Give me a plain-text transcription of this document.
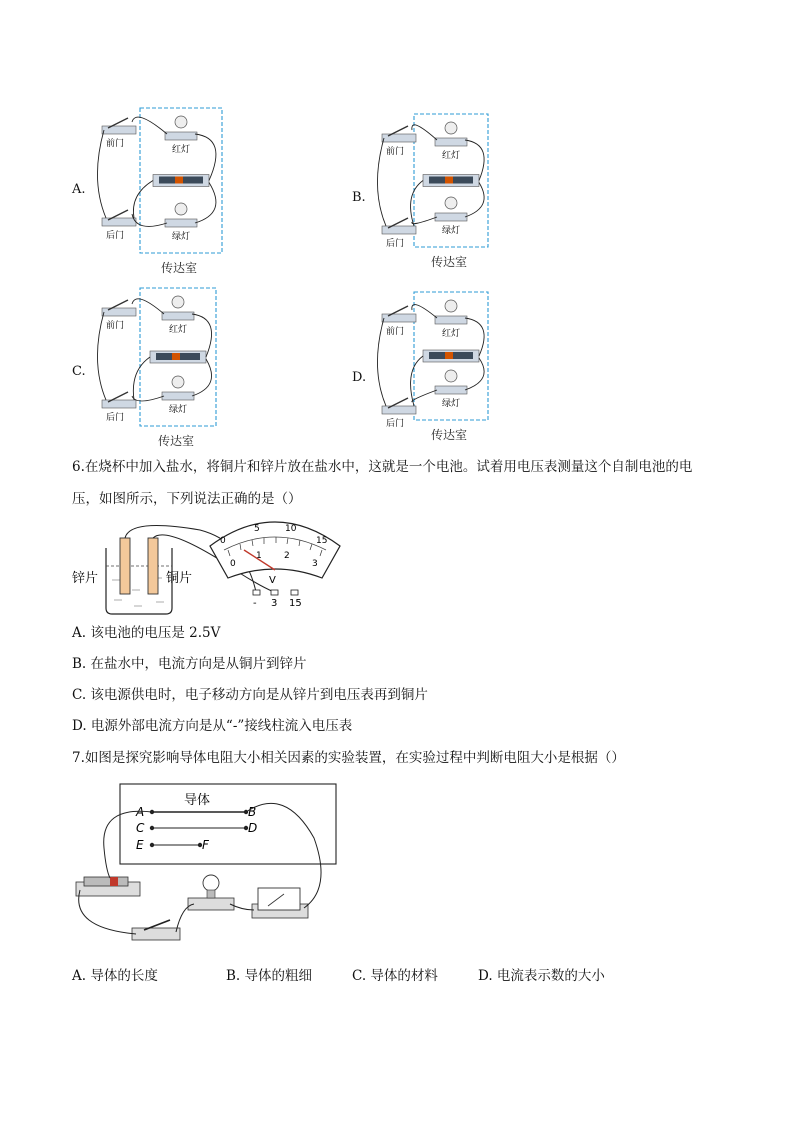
A.
前门
后门
红灯
绿灯
传达室
B.
前门
后门
红灯
绿灯
传达室
C.
前门
后门
红灯
绿灯
传达室
D.
前门
后门
红灯
绿灯
传达室
6.在烧杯中加入盐水，将铜片和锌片放在盐水中，这就是一个电池。试着用电压表测量这个自制电池的电
压，如图所示，下列说法正确的是（）
锌片	铜片
0
5	10
15
0
1 2
3
V
- 3 15
A. 该电池的电压是 2.5V
B. 在盐水中，电流方向是从铜片到锌片
C. 该电源供电时，电子移动方向是从锌片到电压表再到铜片
D. 电源外部电流方向是从“-”接线柱流入电压表
7.如图是探究影响导体电阻大小相关因素的实验装置，在实验过程中判断电阻大小是根据（）
导体
A	B
C	D
E	F
A. 导体的长度	B. 导体的粗细	C. 导体的材料	D. 电流表示数的大小
